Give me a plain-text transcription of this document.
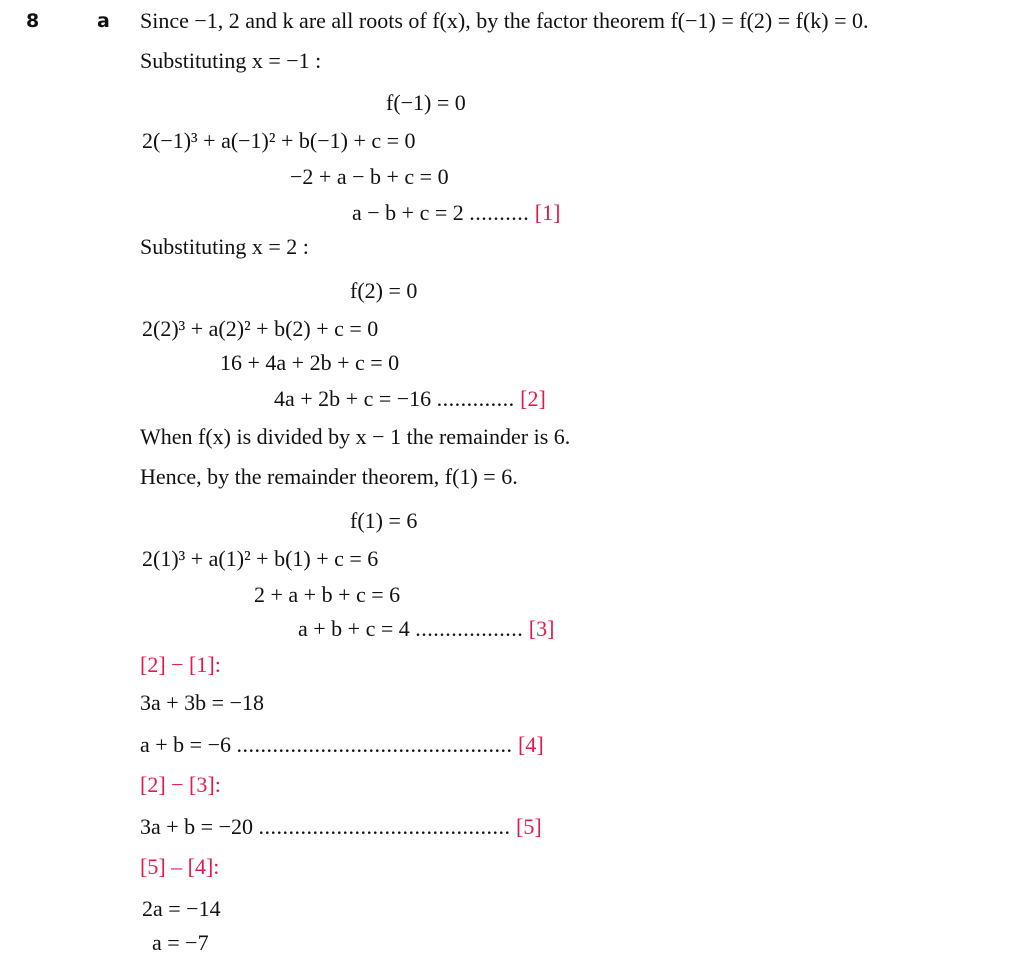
8	a Since −1, 2 and k are all roots of f(x), by the factor theorem f(−1) = f(2) = f(k) = 0.
Substituting x = −1 :
f(−1) = 0
2(−1)³ + a(−1)² + b(−1) + c = 0
−2 + a − b + c = 0
a − b + c = 2 .......... [1]
Substituting x = 2 :
f(2) = 0
2(2)³ + a(2)² + b(2) + c = 0
16 + 4a + 2b + c = 0
4a + 2b + c = −16 ............. [2]
When f(x) is divided by x − 1 the remainder is 6.
Hence, by the remainder theorem, f(1) = 6.
f(1) = 6
2(1)³ + a(1)² + b(1) + c = 6
2 + a + b + c = 6
a + b + c = 4 .................. [3]
[2] − [1]:
3a + 3b = −18
a + b = −6 .............................................. [4]
[2] − [3]:
3a + b = −20 .......................................... [5]
[5] – [4]:
2a = −14
a = −7
